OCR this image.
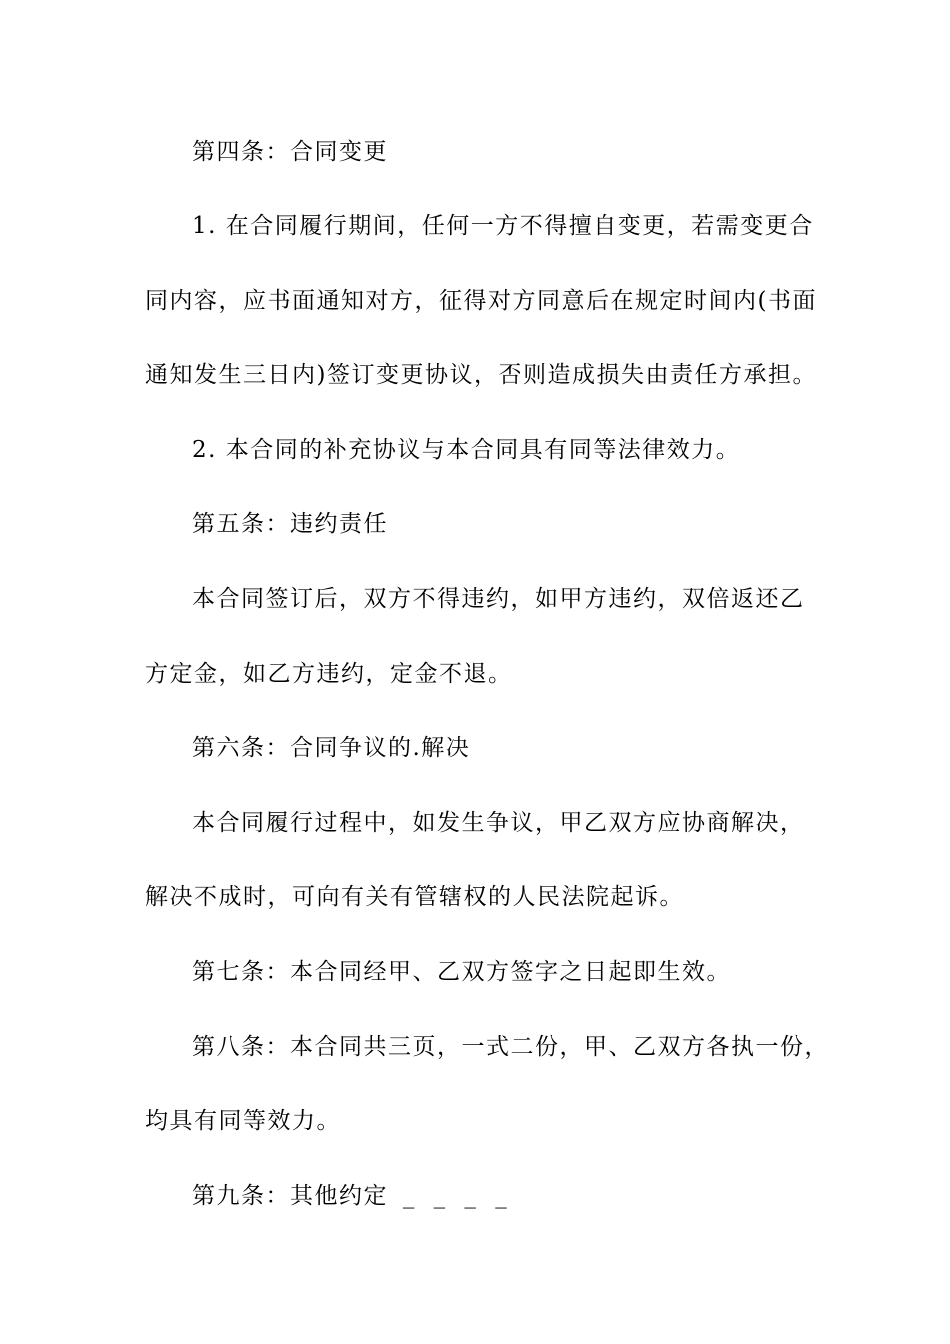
第四条：合同变更
1. 在合同履行期间，任何一方不得擅自变更，若需变更合
同内容，应书面通知对方，征得对方同意后在规定时间内(书面
通知发生三日内)签订变更协议，否则造成损失由责任方承担。
2. 本合同的补充协议与本合同具有同等法律效力。
第五条：违约责任
本合同签订后，双方不得违约，如甲方违约，双倍返还乙
方定金，如乙方违约，定金不退。
第六条：合同争议的.解决
本合同履行过程中，如发生争议，甲乙双方应协商解决，
解决不成时，可向有关有管辖权的人民法院起诉。
第七条：本合同经甲、乙双方签字之日起即生效。
第八条：本合同共三页，一式二份，甲、乙双方各执一份，
均具有同等效力。
第九条：其他约定 _ _ _ _
